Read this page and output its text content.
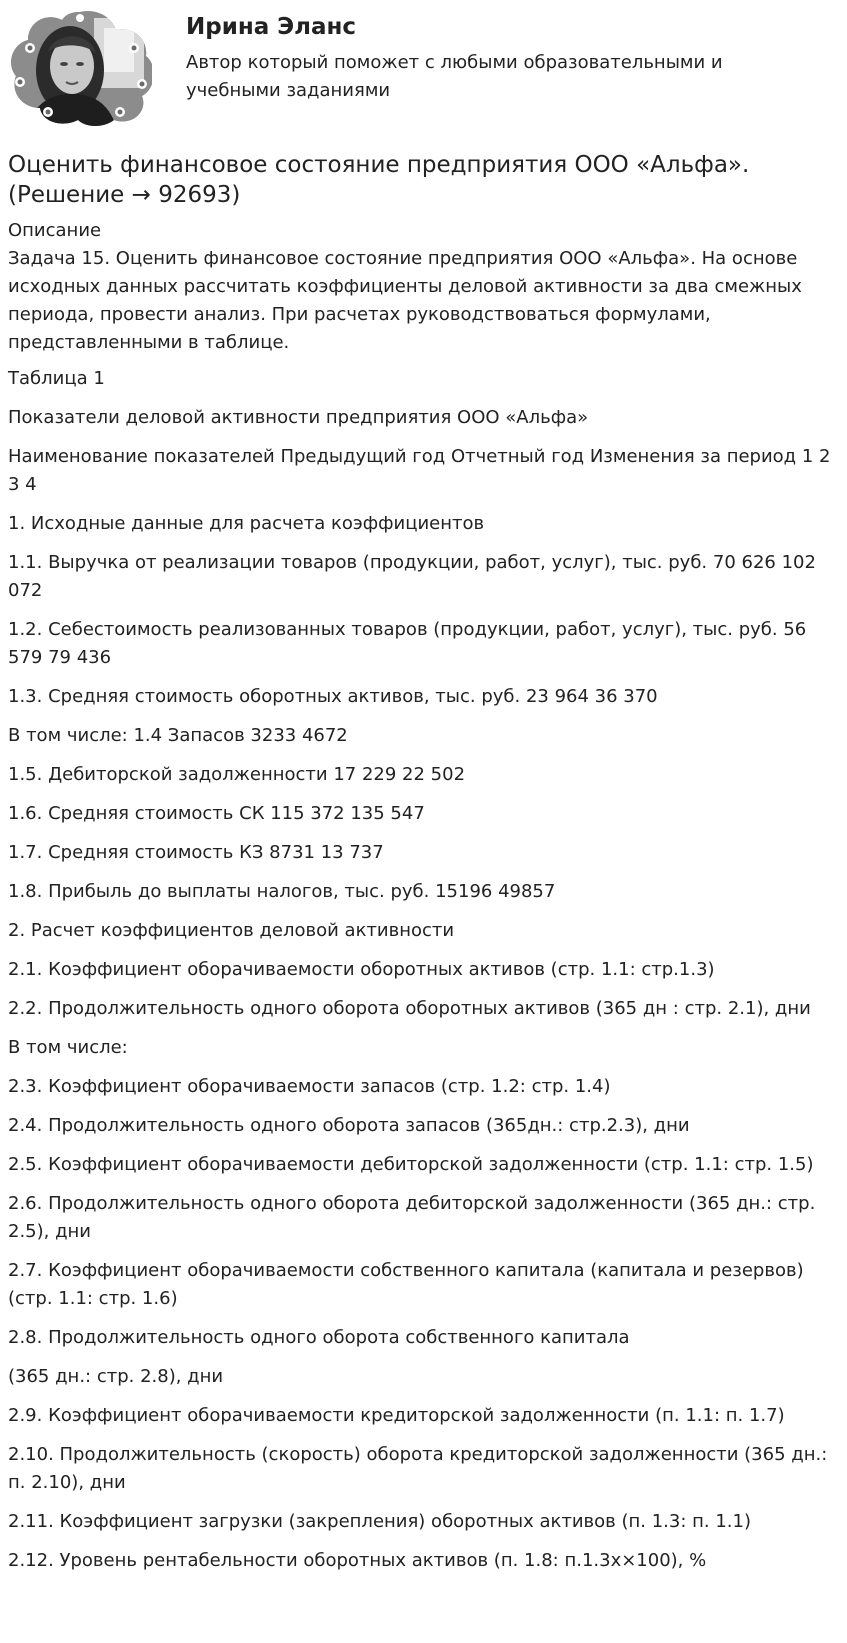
Ирина Эланс
Автор который поможет с любыми образовательными и учебными заданиями
Оценить финансовое состояние предприятия ООО «Альфа». (Решение → 92693)
Описание

Задача 15. Оценить финансовое состояние предприятия ООО «Альфа». На основе исходных данных рассчитать коэффициенты деловой активности за два смежных периода, провести анализ. При расчетах руководствоваться формулами, представленными в таблице.

Таблица 1

Показатели деловой активности предприятия ООО «Альфа»

Наименование показателей Предыдущий год Отчетный год Изменения за период 1 2 3 4

1. Исходные данные для расчета коэффициентов

1.1. Выручка от реализации товаров (продукции, работ, услуг), тыс. руб. 70 626 102 072

1.2. Себестоимость реализованных товаров (продукции, работ, услуг), тыс. руб. 56 579 79 436

1.3. Средняя стоимость оборотных активов, тыс. руб. 23 964 36 370

В том числе: 1.4 Запасов 3233 4672

1.5. Дебиторской задолженности 17 229 22 502

1.6. Средняя стоимость СК 115 372 135 547

1.7. Средняя стоимость КЗ 8731 13 737

1.8. Прибыль до выплаты налогов, тыс. руб. 15196 49857

2. Расчет коэффициентов деловой активности

2.1. Коэффициент оборачиваемости оборотных активов (стр. 1.1: стр.1.3)

2.2. Продолжительность одного оборота оборотных активов (365 дн : стр. 2.1), дни

В том числе:

2.3. Коэффициент оборачиваемости запасов (стр. 1.2: стр. 1.4)

2.4. Продолжительность одного оборота запасов (365дн.: стр.2.3), дни

2.5. Коэффициент оборачиваемости дебиторской задолженности (стр. 1.1: стр. 1.5)

2.6. Продолжительность одного оборота дебиторской задолженности (365 дн.: стр. 2.5), дни

2.7. Коэффициент оборачиваемости собственного капитала (капитала и резервов) (стр. 1.1: стр. 1.6)

2.8. Продолжительность одного оборота собственного капитала

(365 дн.: стр. 2.8), дни

2.9. Коэффициент оборачиваемости кредиторской задолженности (п. 1.1: п. 1.7)

2.10. Продолжительность (скорость) оборота кредиторской задолженности (365 дн.: п. 2.10), дни

2.11. Коэффициент загрузки (закрепления) оборотных активов (п. 1.3: п. 1.1)

2.12. Уровень рентабельности оборотных активов (п. 1.8: п.1.3х×100), %
